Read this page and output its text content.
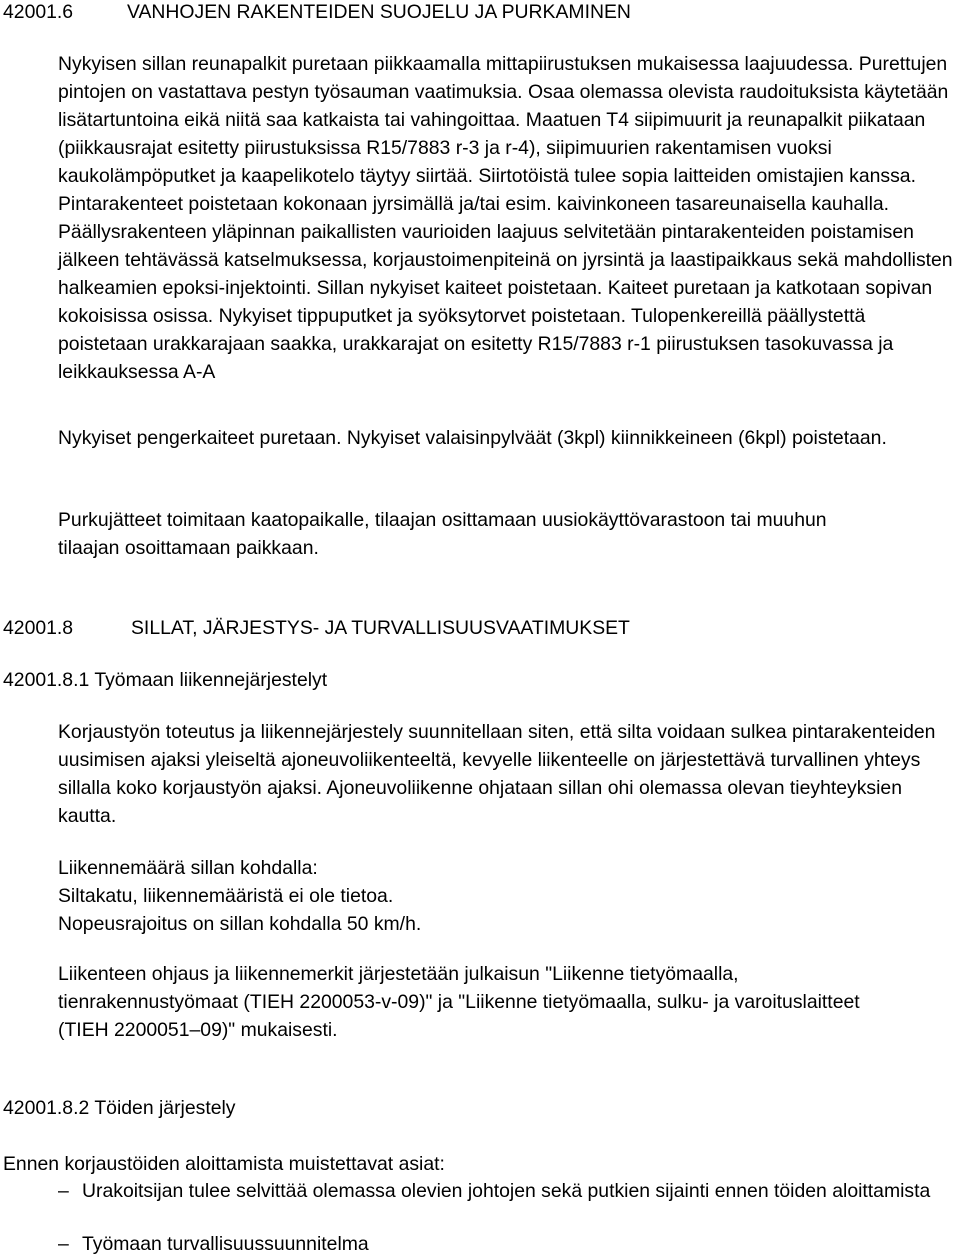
42001.6	VANHOJEN RAKENTEIDEN SUOJELU JA PURKAMINEN

Nykyisen sillan reunapalkit puretaan piikkaamalla mittapiirustuksen mukaisessa laajuudessa. Purettujen pintojen on vastattava pestyn työsauman vaatimuksia. Osaa olemassa olevista raudoituksista käytetään lisätartuntoina eikä niitä saa katkaista tai vahingoittaa. Maatuen T4 siipimuurit ja reunapalkit piikataan (piikkausrajat esitetty piirustuksissa R15/7883 r-3 ja r-4), siipimuurien rakentamisen vuoksi kaukolämpöputket ja kaapelikotelo täytyy siirtää. Siirtotöistä tulee sopia laitteiden omistajien kanssa. Pintarakenteet poistetaan kokonaan jyrsimällä ja/tai esim. kaivinkoneen tasareunaisella kauhalla. Päällysrakenteen yläpinnan paikallisten vaurioiden laajuus selvitetään pintarakenteiden poistamisen jälkeen tehtävässä katselmuksessa, korjaustoimenpiteinä on jyrsintä ja laastipaikkaus sekä mahdollisten halkeamien epoksi-injektointi. Sillan nykyiset kaiteet poistetaan. Kaiteet puretaan ja katkotaan sopivan kokoisissa osissa. Nykyiset tippuputket ja syöksytorvet poistetaan. Tulopenkereillä päällystettä poistetaan urakkarajaan saakka, urakkarajat on esitetty R15/7883 r-1 piirustuksen tasokuvassa ja leikkauksessa A-A

Nykyiset pengerkaiteet puretaan. Nykyiset valaisinpylväät (3kpl) kiinnikkeineen (6kpl) poistetaan.

Purkujätteet toimitaan kaatopaikalle, tilaajan osittamaan uusiokäyttövarastoon tai muuhun tilaajan osoittamaan paikkaan.

42001.8	SILLAT, JÄRJESTYS- JA TURVALLISUUSVAATIMUKSET
42001.8.1 Työmaan liikennejärjestelyt

Korjaustyön toteutus ja liikennejärjestely suunnitellaan siten, että silta voidaan sulkea pintarakenteiden uusimisen ajaksi yleiseltä ajoneuvoliikenteeltä, kevyelle liikenteelle on järjestettävä turvallinen yhteys sillalla koko korjaustyön ajaksi. Ajoneuvoliikenne ohjataan sillan ohi olemassa olevan tieyhteyksien kautta.

Liikennemäärä sillan kohdalla:
Siltakatu, liikennemääristä ei ole tietoa.
Nopeusrajoitus on sillan kohdalla 50 km/h.

Liikenteen ohjaus ja liikennemerkit järjestetään julkaisun "Liikenne tietyömaalla, tienrakennustyömaat (TIEH 2200053-v-09)" ja "Liikenne tietyömaalla, sulku- ja varoituslaitteet (TIEH 2200051–09)" mukaisesti.

42001.8.2 Töiden järjestely
Ennen korjaustöiden aloittamista muistettavat asiat:
– Urakoitsijan tulee selvittää olemassa olevien johtojen sekä putkien sijainti ennen töiden aloittamista
– Työmaan turvallisuussuunnitelma
